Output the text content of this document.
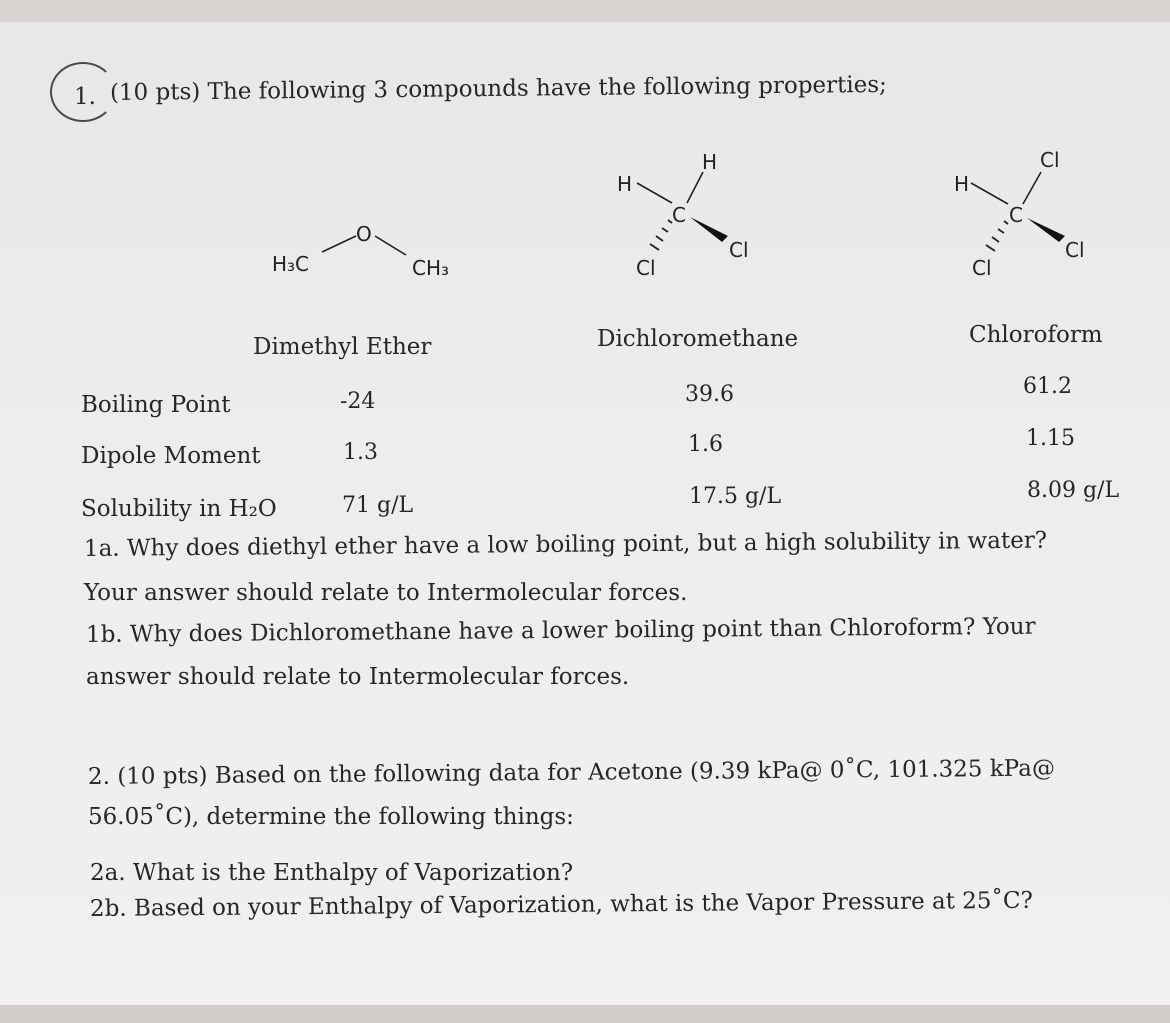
1. (10 pts) The following 3 compounds have the following properties;
H₃C
O
CH₃
H
H
C
Cl
Cl
Cl
H
C
Cl
Cl
Dimethyl Ether	Dichloromethane	Chloroform
Boiling Point	-24	39.6	61.2
Dipole Moment	1.3	1.6	1.15
Solubility in H₂O	71 g/L	17.5 g/L	8.09 g/L
1a. Why does diethyl ether have a low boiling point, but a high solubility in water?
Your answer should relate to Intermolecular forces.
1b. Why does Dichloromethane have a lower boiling point than Chloroform? Your
answer should relate to Intermolecular forces.
2. (10 pts) Based on the following data for Acetone (9.39 kPa@ 0˚C, 101.325 kPa@
56.05˚C), determine the following things:
2a. What is the Enthalpy of Vaporization?
2b. Based on your Enthalpy of Vaporization, what is the Vapor Pressure at 25˚C?
